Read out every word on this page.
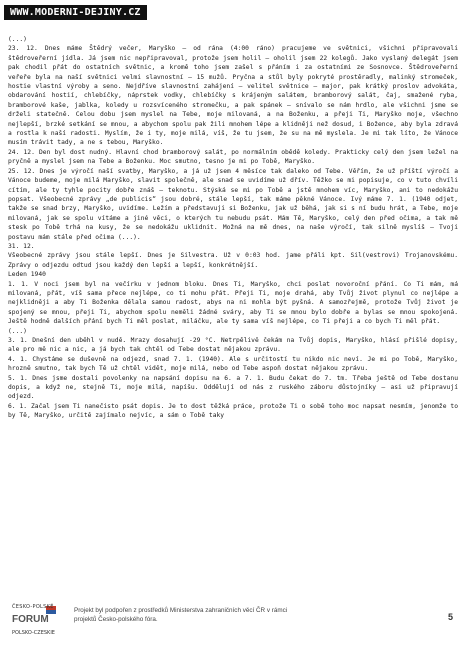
WWW.MODERNI-DEJINY.CZ

(...)

23. 12. Dnes máme Štědrý večer, Maryško – od rána (4:00 ráno) pracujeme ve světnici, všichni připravovali štědroveřerní jídla. Já jsem nic nepřipravoval, protože jsem holil – oholil jsem 22 kolegů. Jako vyslaný delegát jsem pak chodil přát do ostatních světnic, a kromě toho jsem zašel s přáním i za ostatními ze Sosnovce. Štědroveřerní veřeře byla na naší světnici velmi slavnostní – 15 mužů. Pryčna a stůl byly pokryté prostěradly, malinký stromeček, hostie vlastní výroby a seno. Nejdříve slavnostní zahájení – velitel světnice – major, pak krátký proslov advokáta, obdarování hostií, chlebíčky, náprstek vodky, chlebíčky s krájeným salátem, bramborový salát, čaj, smažené ryba, bramborové kaše, jablka, koledy u rozsvíceného stromečku, a pak spánek – snívalo se nám hrdlo, ale všichni jsme se drželi statečně. Celou dobu jsem myslel na Tebe, moje milovaná, a na Boženku, a přeji Ti, Maryško moje, všechno nejlepší, brzké setkání se mnou, a abychom spolu pak žili mnohem lépe a klidněji než dosud, i Božence, aby byla zdravá a rostla k naší radosti. Myslím, že i ty, moje milá, víš, že tu jsem, že su na mě myslela. Je mi tak líto, že Vánoce musím trávit tady, a ne s tebou, Maryško.

24. 12. Den byl dost nudný. Hlavní chod bramborový salát, po normálním obědě koledy. Prakticky celý den jsem ležel na pryčně a myslel jsem na Tebe a Boženku. Moc smutno, tesno je mi po Tobě, Maryško.

25. 12. Dnes je výročí naší svatby, Maryško, a já už jsem 4 měsíce tak daleko od Tebe. Věřím, že už příští výročí a Vánoce budeme, moje milá Maryško, slavit společně, ale snad se uvidíme už dřív. Těžko se mi popisuje, co v tuto chvíli cítím, ale ty tyhle pocity dobře znáš – teknotu. Stýská se mi po Tobě a jstě mnohem víc, Maryško, ani to nedokážu popsat. Všeobecné zprávy „de publicis“ jsou dobré, stále lepší, tak máme pěkné Vánoce. Ivý máme 7. 1. (1940 odjet, takže se snad brzy, Maryško, uvidíme. Ležím a představuji si Boženku, jak už běhá, jak si s ní budu hrát, a Tebe, moje milovaná, jak se spolu vítáme a jiné věci, o kterých tu nebudu psát. Mám Tě, Maryško, celý den před očima, a tak mě stesk po Tobě trhá na kusy, že se nedokážu uklidnit. Možná na mě dnes, na naše výročí, tak silně myslíš – Tvoji postavu mám stále před očima (...).

31. 12.

Všeobecné zprávy jsou stále lepší. Dnes je Silvestra. Už v 0:03 hod. jame přáli kpt. Sil(vestrovi) Trojanovskému. Zprávy o odjezdu odtud jsou každý den lepší a lepší, konkrétnější.

Leden 1940

1. 1. V noci jsem byl na večírku v jednom bloku. Dnes Ti, Maryško, chci poslat novoroční přání. Co Ti mám, má milovaná, přát, víš sama přece nejlépe, co ti mohu přát. Přeji Ti, moje drahá, aby Tvůj život plynul co nejlépe a nejklidněji a aby Ti Boženka dělala samou radost, abys na ni mohla být pyšná. A samozřejmě, protože Tvůj život je spojený se mnou, přeji Ti, abychom spolu neměli žádné sváry, aby Ti se mnou bylo dobře a bylas se mnou spokojená. Ještě hodně dalších přání bych Ti měl poslat, miláčku, ale ty sama víš nejlépe, co Ti přeji a co bych Ti měl přát.

(...)

3. 1. Dnešní den uběhl v nudě. Mrazy dosahují -29 °C. Netrpělivě čekám na Tvůj dopis, Maryško, hlásí přišlé dopisy, ale pro mě nic a nic, a já bych tak chtěl od Tebe dostat nějakou zprávu.

4. 1. Chystáme se duševně na odjezd, snad 7. 1. (1940). Ale s určitostí tu nikdo nic neví. Je mi po Tobě, Maryško, hrozně smutno, tak bych Tě už chtěl vidět, moje milá, nebo od Tebe aspoň dostat nějakou zprávu.

5. 1. Dnes jsme dostali povolenky na napsání dopisu na 6. a 7. 1. Budu čekat do 7. tm. Třeba ještě od Tebe dostanu dopis, a když ne, stejně Ti, moje milá, napíšu. Oddělují od nás z ruského záboru důstojníky – asi už připravují odjezd.

6. 1. Začal jsem Ti nanečisto psát dopis. Je to dost těžká práce, protože Ti o sobě toho moc napsat nesmím, jenomže to by Tě, Maryško, určitě zajímalo nejvíc, a sám o Tobě taky

ČESKO-POLSKÉ
FORUM
POLSKO-CZESKIE
Projekt byl podpořen z prostředků Ministerstva zahraničních věcí ČR v rámci
projektů Česko-polského fóra.	5
